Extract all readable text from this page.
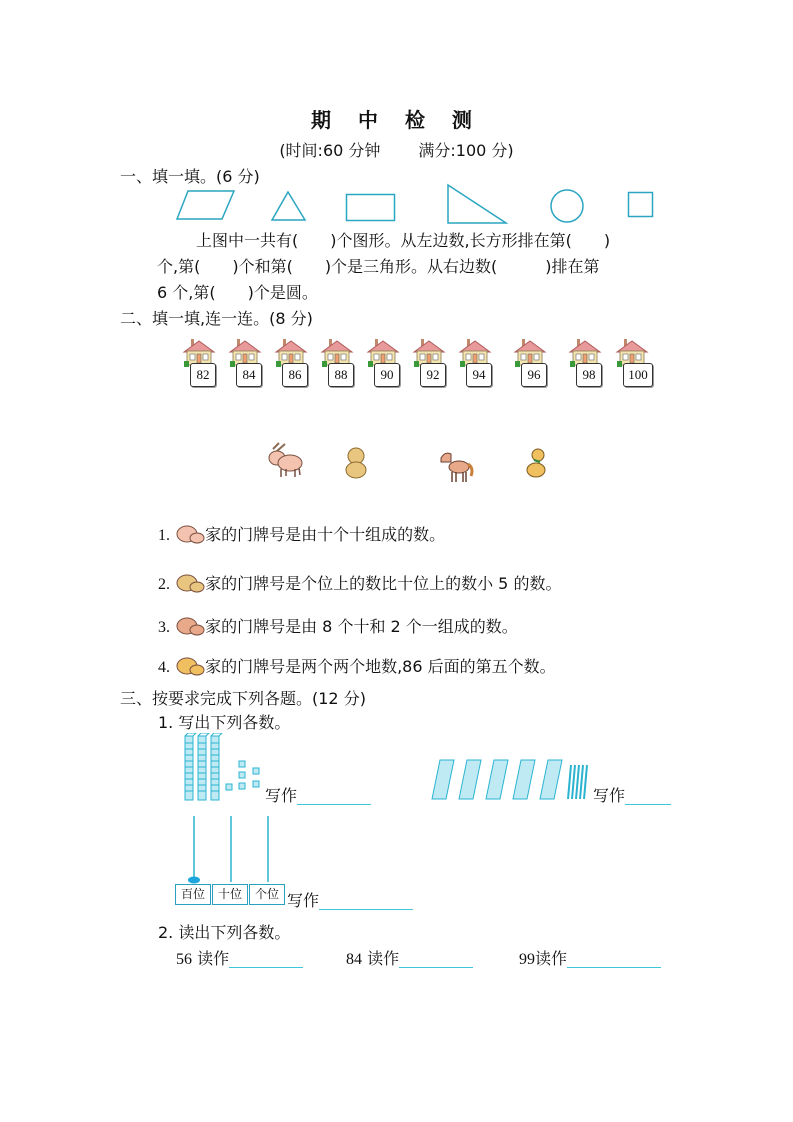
期 中 检 测
(时间:60 分钟 满分:100 分)
一、填一填。(6 分)
上图中一共有(　　)个图形。从左边数,长方形排在第(　　)
个,第(　　)个和第(　　)个是三角形。从右边数(　　　)排在第
6 个,第(　　)个是圆。
二、填一填,连一连。(8 分)
82	84	86	88	90	92	94	96	98	100
1. 家的门牌号是由十个十组成的数。
2. 家的门牌号是个位上的数比十位上的数小 5 的数。
3. 家的门牌号是由 8 个十和 2 个一组成的数。
4. 家的门牌号是两个两个地数,86 后面的第五个数。
三、按要求完成下列各题。(12 分)
1. 写出下列各数。
写作	写作
百位	十位	个位 写作
2. 读出下列各数。
56 读作	84 读作	99读作
